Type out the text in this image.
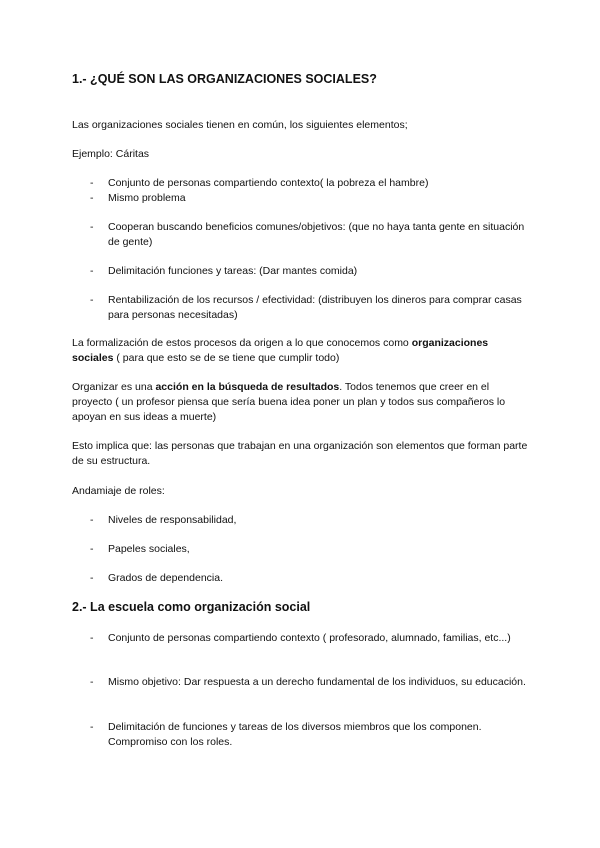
1.- ¿QUÉ SON LAS ORGANIZACIONES SOCIALES?
Las organizaciones sociales tienen en común, los siguientes elementos;
Ejemplo: Cáritas
- Conjunto de personas compartiendo contexto( la pobreza el hambre)
- Mismo problema
- Cooperan buscando beneficios comunes/objetivos: (que no haya tanta gente en situación de gente)
- Delimitación funciones y tareas: (Dar mantes comida)
- Rentabilización de los recursos / efectividad: (distribuyen los dineros para comprar casas para personas necesitadas)
La formalización de estos procesos da origen a lo que conocemos como organizaciones sociales ( para que esto se de se tiene que cumplir todo)
Organizar es una acción en la búsqueda de resultados. Todos tenemos que creer en el proyecto ( un profesor piensa que sería buena idea poner un plan y todos sus compañeros lo apoyan en sus ideas a muerte)
Esto implica que: las personas que trabajan en una organización son elementos que forman parte de su estructura.
Andamiaje de roles:
- Niveles de responsabilidad,
- Papeles sociales,
- Grados de dependencia.
2.- La escuela como organización social
- Conjunto de personas compartiendo contexto ( profesorado, alumnado, familias, etc...)
- Mismo objetivo: Dar respuesta a un derecho fundamental de los individuos, su educación.
- Delimitación de funciones y tareas de los diversos miembros que los componen. Compromiso con los roles.
